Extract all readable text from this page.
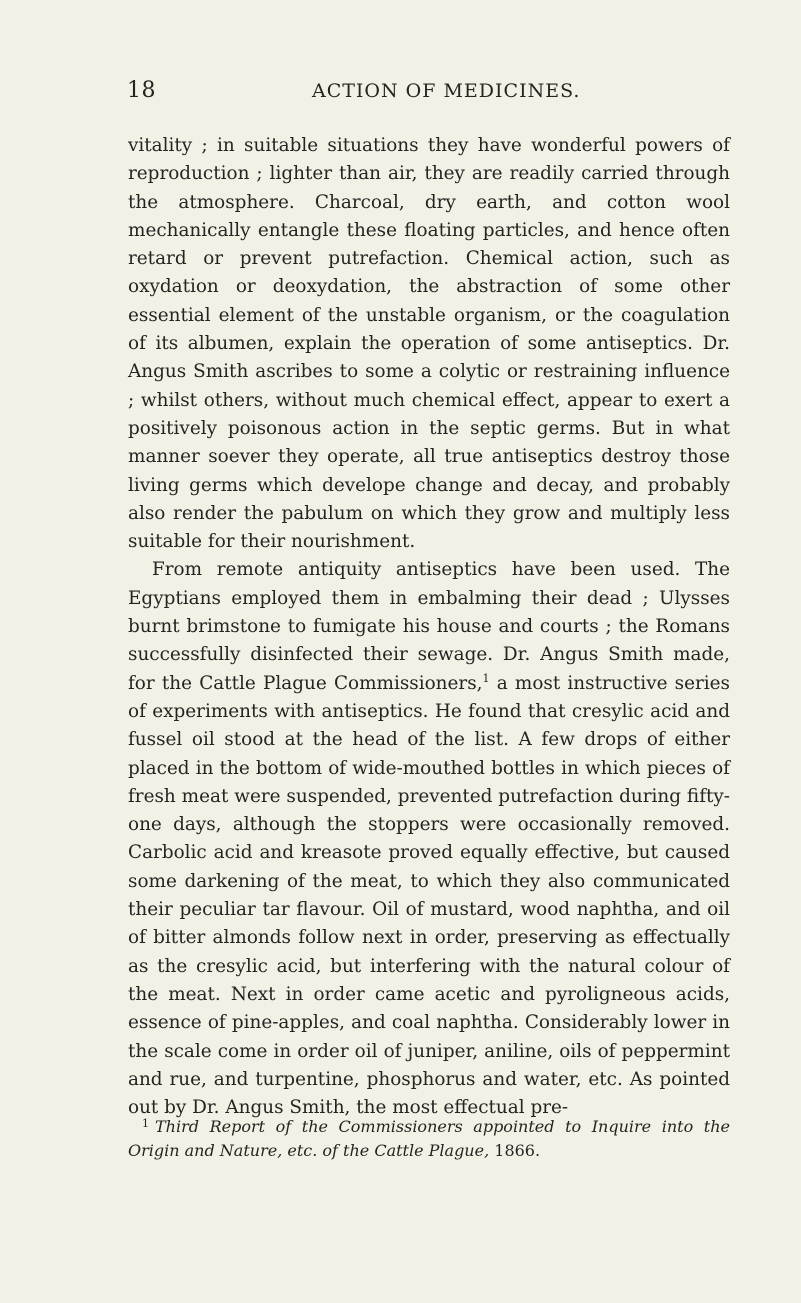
18	ACTION OF MEDICINES.

vitality ; in suitable situations they have wonderful powers of reproduction ; lighter than air, they are readily carried through the atmosphere. Charcoal, dry earth, and cotton wool mechanically entangle these floating particles, and hence often retard or prevent putrefaction. Chemical action, such as oxydation or deoxydation, the abstraction of some other essential element of the unstable organism, or the coagulation of its albumen, explain the operation of some antiseptics. Dr. Angus Smith ascribes to some a colytic or restraining influence ; whilst others, without much chemical effect, appear to exert a positively poisonous action in the septic germs. But in what manner soever they operate, all true antiseptics destroy those living germs which develope change and decay, and probably also render the pabulum on which they grow and multiply less suitable for their nourishment.

From remote antiquity antiseptics have been used. The Egyptians employed them in embalming their dead ; Ulysses burnt brimstone to fumigate his house and courts ; the Romans successfully disinfected their sewage. Dr. Angus Smith made, for the Cattle Plague Commissioners,$^1$ a most instructive series of experiments with antiseptics. He found that cresylic acid and fussel oil stood at the head of the list. A few drops of either placed in the bottom of wide-mouthed bottles in which pieces of fresh meat were suspended, prevented putrefaction during fifty-one days, although the stoppers were occasionally removed. Carbolic acid and kreasote proved equally effective, but caused some darkening of the meat, to which they also communicated their peculiar tar flavour. Oil of mustard, wood naphtha, and oil of bitter almonds follow next in order, preserving as effectually as the cresylic acid, but interfering with the natural colour of the meat. Next in order came acetic and pyroligneous acids, essence of pine-apples, and coal naphtha. Considerably lower in the scale come in order oil of juniper, aniline, oils of peppermint and rue, and turpentine, phosphorus and water, etc. As pointed out by Dr. Angus Smith, the most effectual pre-

$^1$ Third Report of the Commissioners appointed to Inquire into the Origin and Nature, etc. of the Cattle Plague, 1866.
